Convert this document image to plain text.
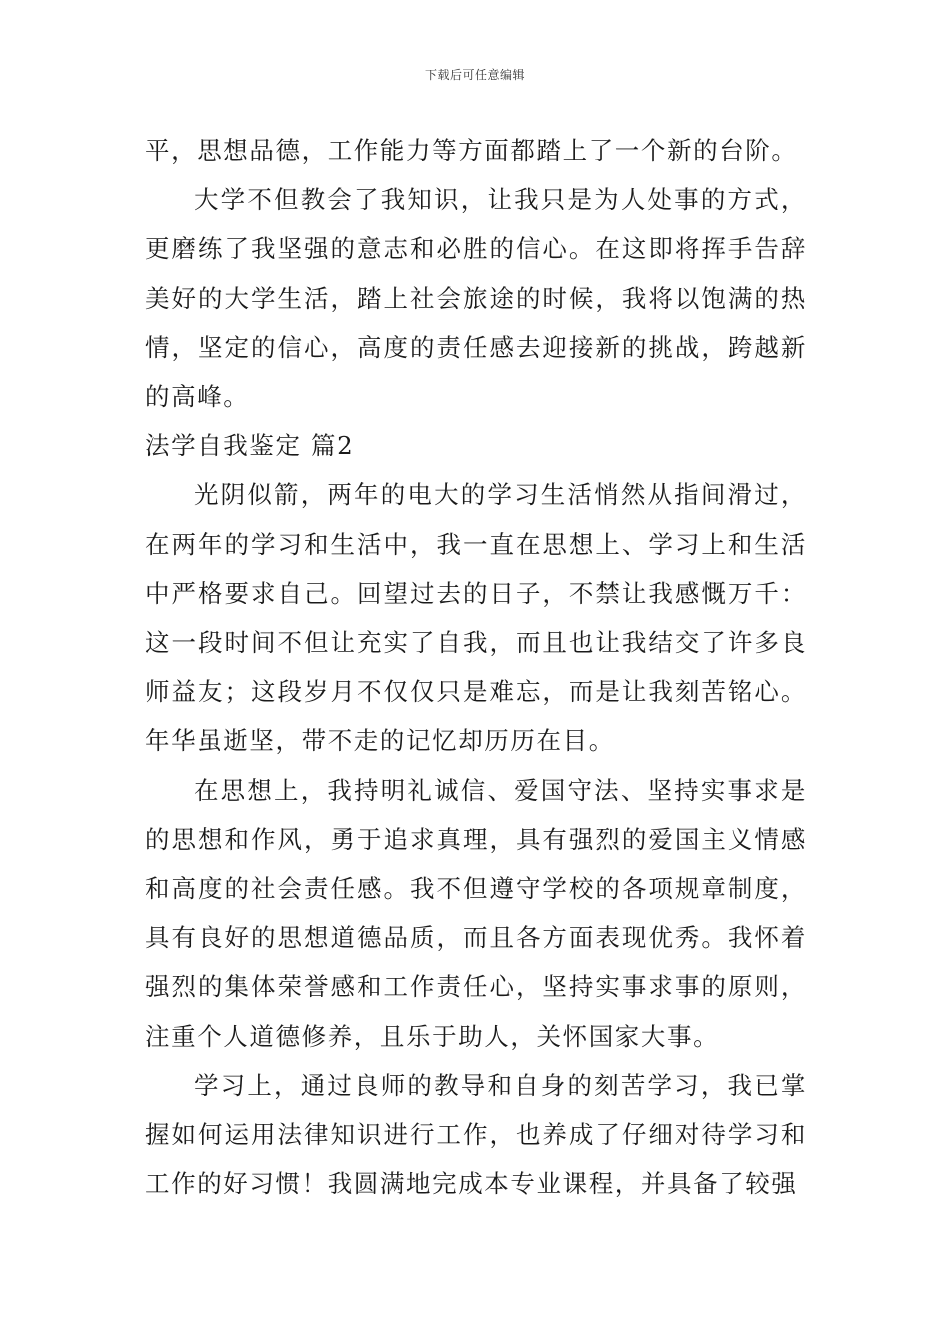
下载后可任意编辑

平，思想品德，工作能力等方面都踏上了一个新的台阶。

大学不但教会了我知识，让我只是为人处事的方式，更磨练了我坚强的意志和必胜的信心。在这即将挥手告辞美好的大学生活，踏上社会旅途的时候，我将以饱满的热情，坚定的信心，高度的责任感去迎接新的挑战，跨越新的高峰。

法学自我鉴定 篇2

光阴似箭，两年的电大的学习生活悄然从指间滑过，在两年的学习和生活中，我一直在思想上、学习上和生活中严格要求自己。回望过去的日子，不禁让我感慨万千：这一段时间不但让充实了自我，而且也让我结交了许多良师益友；这段岁月不仅仅只是难忘，而是让我刻苦铭心。年华虽逝坚，带不走的记忆却历历在目。

在思想上，我持明礼诚信、爱国守法、坚持实事求是的思想和作风，勇于追求真理，具有强烈的爱国主义情感和高度的社会责任感。我不但遵守学校的各项规章制度，具有良好的思想道德品质，而且各方面表现优秀。我怀着强烈的集体荣誉感和工作责任心，坚持实事求事的原则，注重个人道德修养，且乐于助人，关怀国家大事。

学习上，通过良师的教导和自身的刻苦学习，我已掌握如何运用法律知识进行工作，也养成了仔细对待学习和工作的好习惯！我圆满地完成本专业课程，并具备了较强
